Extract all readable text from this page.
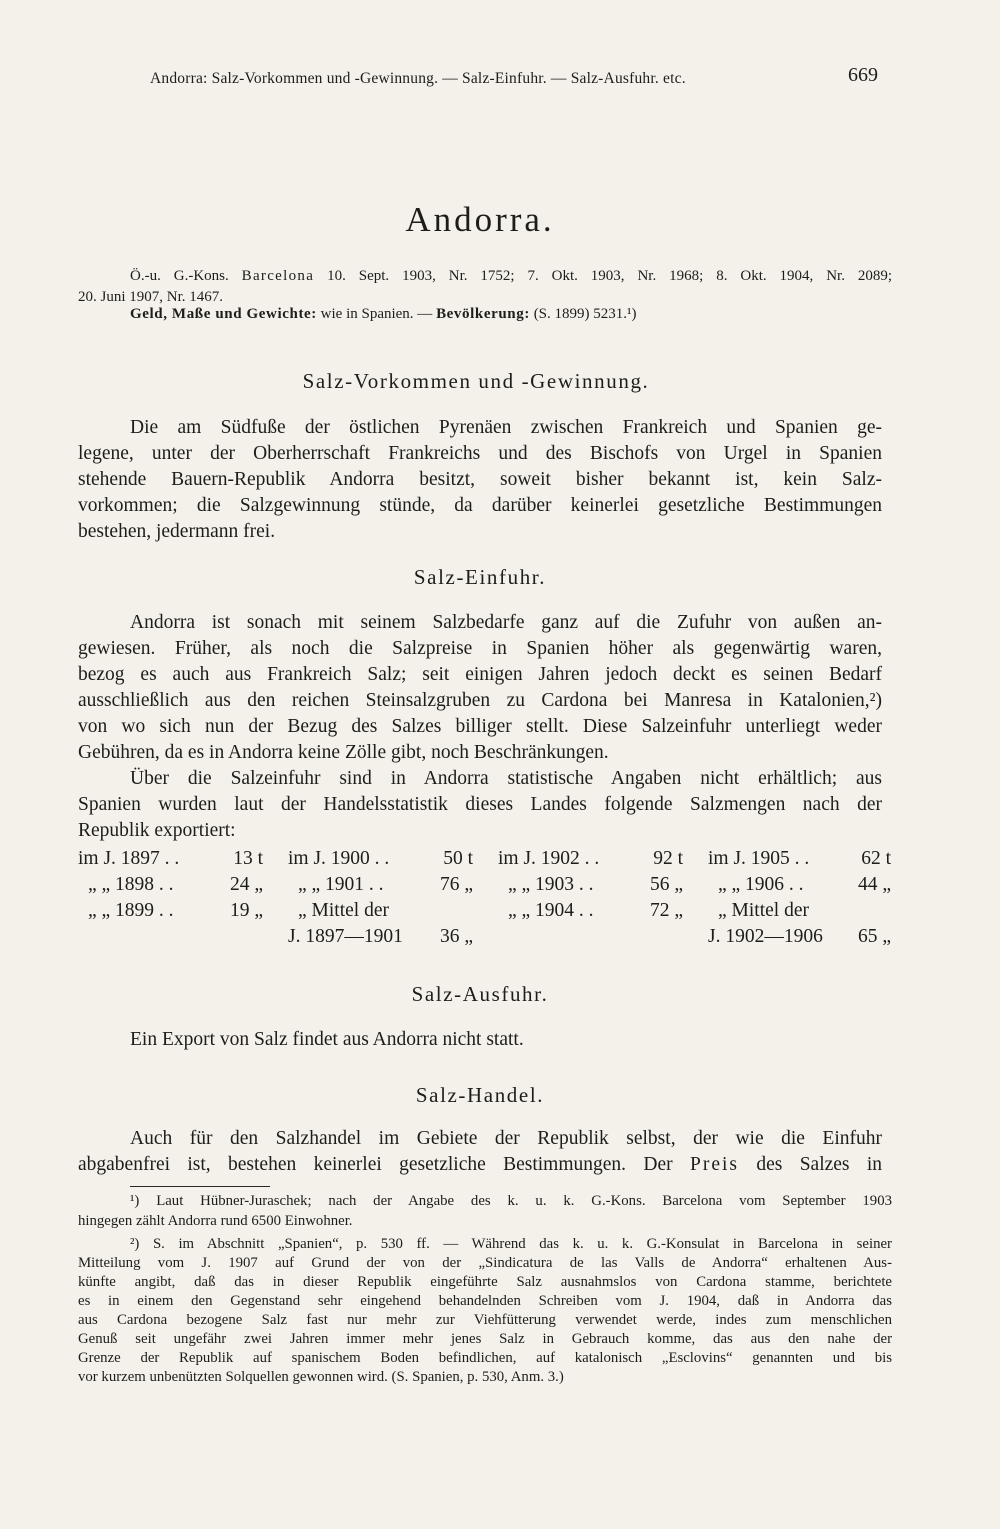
Andorra: Salz-Vorkommen und -Gewinnung. — Salz-Einfuhr. — Salz-Ausfuhr. etc.	669

Andorra.
Ö.-u. G.-Kons. Barcelona 10. Sept. 1903, Nr. 1752; 7. Okt. 1903, Nr. 1968; 8. Okt. 1904, Nr. 2089;
20. Juni 1907, Nr. 1467.
Geld, Maße und Gewichte: wie in Spanien. — Bevölkerung: (S. 1899) 5231.¹)
Salz-Vorkommen und -Gewinnung.
Die am Südfuße der östlichen Pyrenäen zwischen Frankreich und Spanien ge-
legene, unter der Oberherrschaft Frankreichs und des Bischofs von Urgel in Spanien
stehende Bauern-Republik Andorra besitzt, soweit bisher bekannt ist, kein Salz-
vorkommen; die Salzgewinnung stünde, da darüber keinerlei gesetzliche Bestimmungen
bestehen, jedermann frei.
Salz-Einfuhr.
Andorra ist sonach mit seinem Salzbedarfe ganz auf die Zufuhr von außen an-
gewiesen. Früher, als noch die Salzpreise in Spanien höher als gegenwärtig waren,
bezog es auch aus Frankreich Salz; seit einigen Jahren jedoch deckt es seinen Bedarf
ausschließlich aus den reichen Steinsalzgruben zu Cardona bei Manresa in Katalonien,²)
von wo sich nun der Bezug des Salzes billiger stellt. Diese Salzeinfuhr unterliegt weder
Gebühren, da es in Andorra keine Zölle gibt, noch Beschränkungen.
Über die Salzeinfuhr sind in Andorra statistische Angaben nicht erhältlich; aus
Spanien wurden laut der Handelsstatistik dieses Landes folgende Salzmengen nach der
Republik exportiert:
im J. 1897 . .	13 t
„ „ 1898 . .	24 „
„ „ 1899 . .	19 „
im J. 1900 . .	50 t
„ „ 1901 . .	76 „
„ Mittel der
J. 1897—1901	36 „
im J. 1902 . .	92 t
„ „ 1903 . .	56 „
„ „ 1904 . .	72 „
im J. 1905 . .	62 t
„ „ 1906 . .	44 „
„ Mittel der
J. 1902—1906	65 „
Salz-Ausfuhr.
Ein Export von Salz findet aus Andorra nicht statt.
Salz-Handel.
Auch für den Salzhandel im Gebiete der Republik selbst, der wie die Einfuhr
abgabenfrei ist, bestehen keinerlei gesetzliche Bestimmungen. Der Preis des Salzes in
¹) Laut Hübner-Juraschek; nach der Angabe des k. u. k. G.-Kons. Barcelona vom September 1903
hingegen zählt Andorra rund 6500 Einwohner.
²) S. im Abschnitt „Spanien“, p. 530 ff. — Während das k. u. k. G.-Konsulat in Barcelona in seiner
Mitteilung vom J. 1907 auf Grund der von der „Sindicatura de las Valls de Andorra“ erhaltenen Aus-
künfte angibt, daß das in dieser Republik eingeführte Salz ausnahmslos von Cardona stamme, berichtete
es in einem den Gegenstand sehr eingehend behandelnden Schreiben vom J. 1904, daß in Andorra das
aus Cardona bezogene Salz fast nur mehr zur Viehfütterung verwendet werde, indes zum menschlichen
Genuß seit ungefähr zwei Jahren immer mehr jenes Salz in Gebrauch komme, das aus den nahe der
Grenze der Republik auf spanischem Boden befindlichen, auf katalonisch „Esclovins“ genannten und bis
vor kurzem unbenützten Solquellen gewonnen wird. (S. Spanien, p. 530, Anm. 3.)
